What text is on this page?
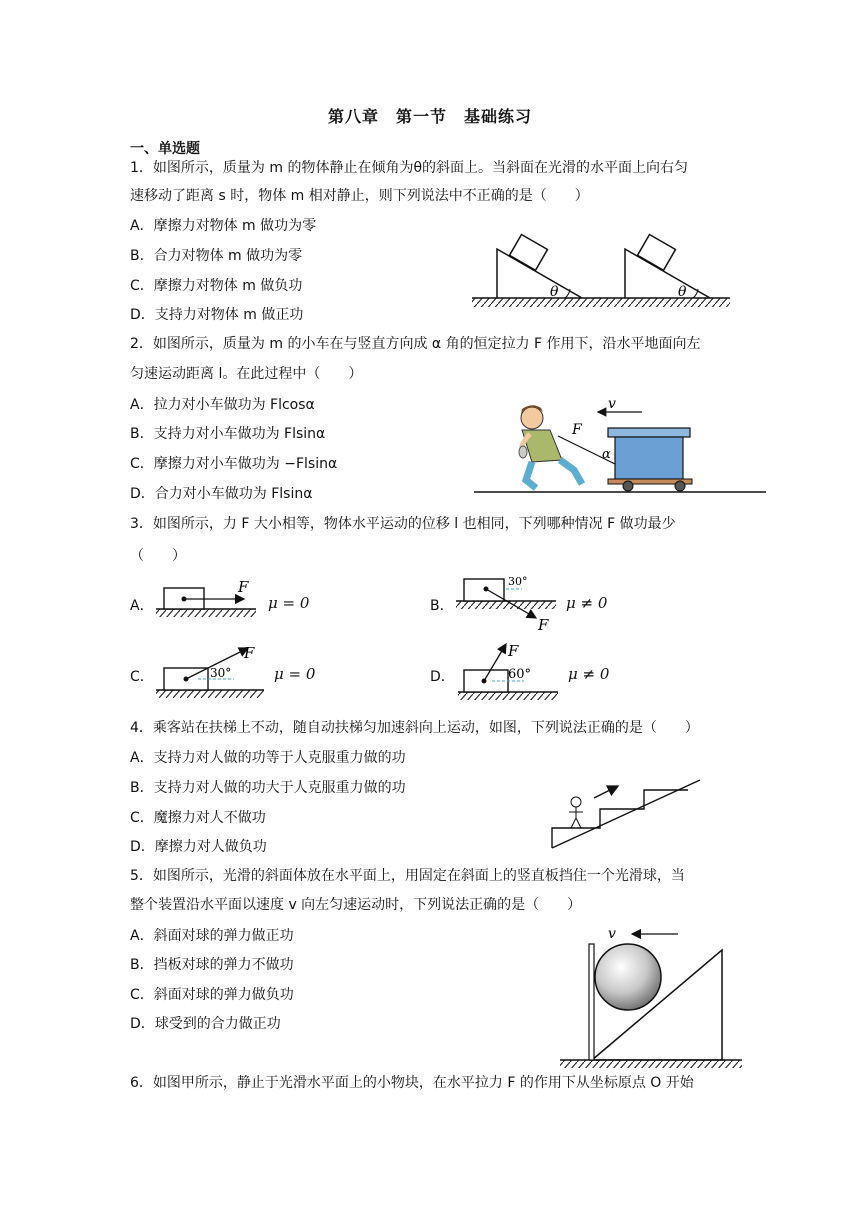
第八章　第一节　基础练习
一、单选题
1．如图所示，质量为 m 的物体静止在倾角为θ的斜面上。当斜面在光滑的水平面上向右匀
速移动了距离 s 时，物体 m 相对静止，则下列说法中不正确的是（　　）
A．摩擦力对物体 m 做功为零
B．合力对物体 m 做功为零
C．摩擦力对物体 m 做负功
D．支持力对物体 m 做正功
θ	θ
2．如图所示，质量为 m 的小车在与竖直方向成 α 角的恒定拉力 F 作用下，沿水平地面向左
匀速运动距离 l。在此过程中（　　）
A．拉力对小车做功为 Flcosα
B．支持力对小车做功为 Flsinα
C．摩擦力对小车做功为 −Flsinα
D．合力对小车做功为 Flsinα
v
F
α
3．如图所示，力 F 大小相等，物体水平运动的位移 l 也相同，下列哪种情况 F 做功最少
（　　）
A．
F
μ = 0	B．
30°
F
μ ≠ 0
C．	30°
F
μ = 0	D．	60°
F
μ ≠ 0
4．乘客站在扶梯上不动，随自动扶梯匀加速斜向上运动，如图，下列说法正确的是（　　）
A．支持力对人做的功等于人克服重力做的功
B．支持力对人做的功大于人克服重力做的功
C．魔擦力对人不做功
D．摩擦力对人做负功
5．如图所示，光滑的斜面体放在水平面上，用固定在斜面上的竖直板挡住一个光滑球，当
整个装置沿水平面以速度 v 向左匀速运动时，下列说法正确的是（　　）
A．斜面对球的弹力做正功
B．挡板对球的弹力不做功
C．斜面对球的弹力做负功
D．球受到的合力做正功
v
6．如图甲所示，静止于光滑水平面上的小物块，在水平拉力 F 的作用下从坐标原点 O 开始
